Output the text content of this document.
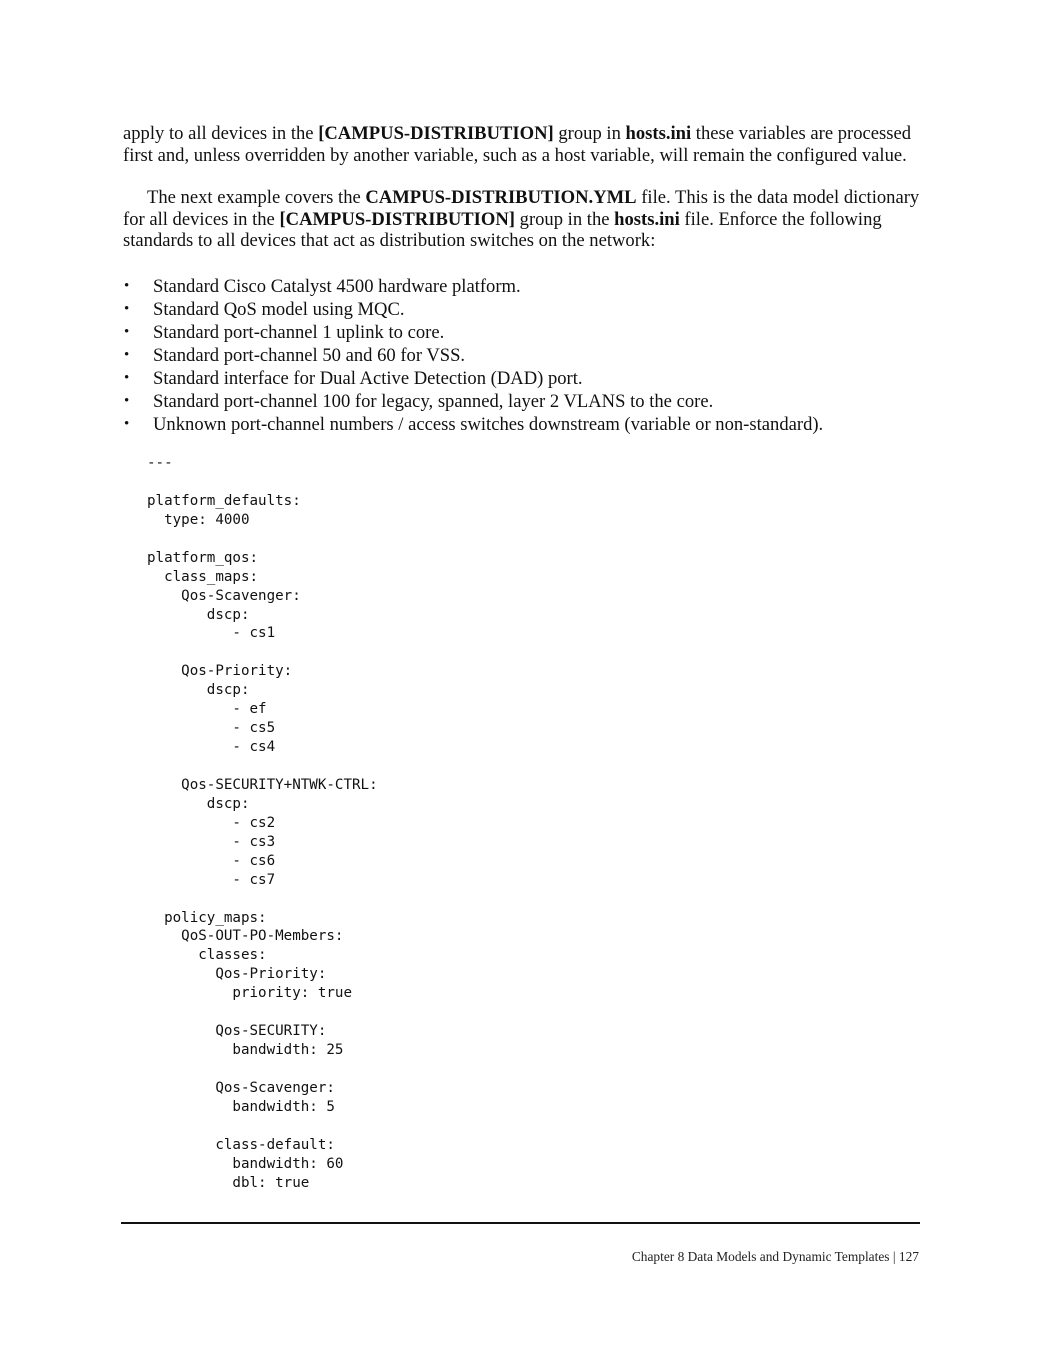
apply to all devices in the [CAMPUS-DISTRIBUTION] group in hosts.ini these variables are processed first and, unless overridden by another variable, such as a host variable, will remain the configured value.

The next example covers the CAMPUS-DISTRIBUTION.YML file. This is the data model dictionary for all devices in the [CAMPUS-DISTRIBUTION] group in the hosts.ini file. Enforce the following standards to all devices that act as distribution switches on the network:

• Standard Cisco Catalyst 4500 hardware platform.
• Standard QoS model using MQC.
• Standard port-channel 1 uplink to core.
• Standard port-channel 50 and 60 for VSS.
• Standard interface for Dual Active Detection (DAD) port.
• Standard port-channel 100 for legacy, spanned, layer 2 VLANS to the core.
• Unknown port-channel numbers / access switches downstream (variable or non-standard).
---
platform_defaults:
type: 4000
platform_qos:
class_maps:
Qos-Scavenger:
dscp:
- cs1
Qos-Priority:
dscp:
- ef
- cs5
- cs4
Qos-SECURITY+NTWK-CTRL:
dscp:
- cs2
- cs3
- cs6
- cs7
policy_maps:
QoS-OUT-PO-Members:
classes:
Qos-Priority:
priority: true
Qos-SECURITY:
bandwidth: 25
Qos-Scavenger:
bandwidth: 5
class-default:
bandwidth: 60
dbl: true
Chapter 8 Data Models and Dynamic Templates | 127
